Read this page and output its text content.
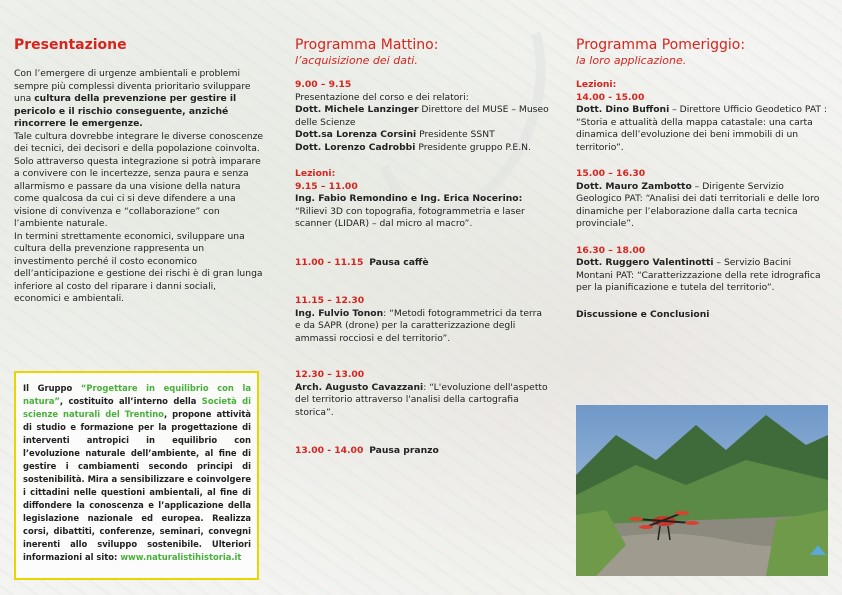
Presentazione

Con l’emergere di urgenze ambientali e problemi sempre più complessi diventa prioritario sviluppare una cultura della prevenzione per gestire il pericolo e il rischio conseguente, anziché rincorrere le emergenze.

Tale cultura dovrebbe integrare le diverse conoscenze dei tecnici, dei decisori e della popolazione coinvolta.

Solo attraverso questa integrazione si potrà imparare a convivere con le incertezze, senza paura e senza allarmismo e passare da una visione della natura come qualcosa da cui ci si deve difendere a una visione di convivenza e “collaborazione” con l’ambiente naturale.

In termini strettamente economici, sviluppare una cultura della prevenzione rappresenta un investimento perché il costo economico dell’anticipazione e gestione dei rischi è di gran lunga inferiore al costo del riparare i danni sociali, economici e ambientali.

Il Gruppo “Progettare in equilibrio con la natura”, costituito all’interno della Società di scienze naturali del Trentino, propone attività di studio e formazione per la progettazione di interventi antropici in equilibrio con l’evoluzione naturale dell’ambiente, al fine di gestire i cambiamenti secondo principi di sostenibilità. Mira a sensibilizzare e coinvolgere i cittadini nelle questioni ambientali, al fine di diffondere la conoscenza e l’applicazione della legislazione nazionale ed europea. Realizza corsi, dibattiti, conferenze, seminari, convegni inerenti allo sviluppo sostenibile. Ulteriori informazioni al sito: www.naturalistihistoria.it

Programma Mattino:
l’acquisizione dei dati.
9.00 – 9.15

Presentazione del corso e dei relatori:

Dott. Michele Lanzinger Direttore del MUSE – Museo delle Scienze

Dott.sa Lorenza Corsini Presidente SSNT

Dott. Lorenzo Cadrobbi Presidente gruppo P.E.N.

Lezioni:
9.15 – 11.00

Ing. Fabio Remondino e Ing. Erica Nocerino:

“Rilievi 3D con topografia, fotogrammetria e laser scanner (LIDAR) – dal micro al macro”.

11.00 - 11.15 Pausa caffè

11.15 – 12.30

Ing. Fulvio Tonon: “Metodi fotogrammetrici da terra e da SAPR (drone) per la caratterizzazione degli ammassi rocciosi e del territorio”.

12.30 – 13.00

Arch. Augusto Cavazzani: “L'evoluzione dell'aspetto del territorio attraverso l'analisi della cartografia storica”.

13.00 - 14.00 Pausa pranzo

Programma Pomeriggio:
la loro applicazione.
Lezioni:
14.00 - 15.00

Dott. Dino Buffoni – Direttore Ufficio Geodetico PAT : “Storia e attualità della mappa catastale: una carta dinamica dell’evoluzione dei beni immobili di un territorio”.

15.00 – 16.30

Dott. Mauro Zambotto – Dirigente Servizio Geologico PAT: “Analisi dei dati territoriali e delle loro dinamiche per l’elaborazione dalla carta tecnica provinciale”.

16.30 – 18.00

Dott. Ruggero Valentinotti – Servizio Bacini Montani PAT: “Caratterizzazione della rete idrografica per la pianificazione e tutela del territorio”.

Discussione e Conclusioni
